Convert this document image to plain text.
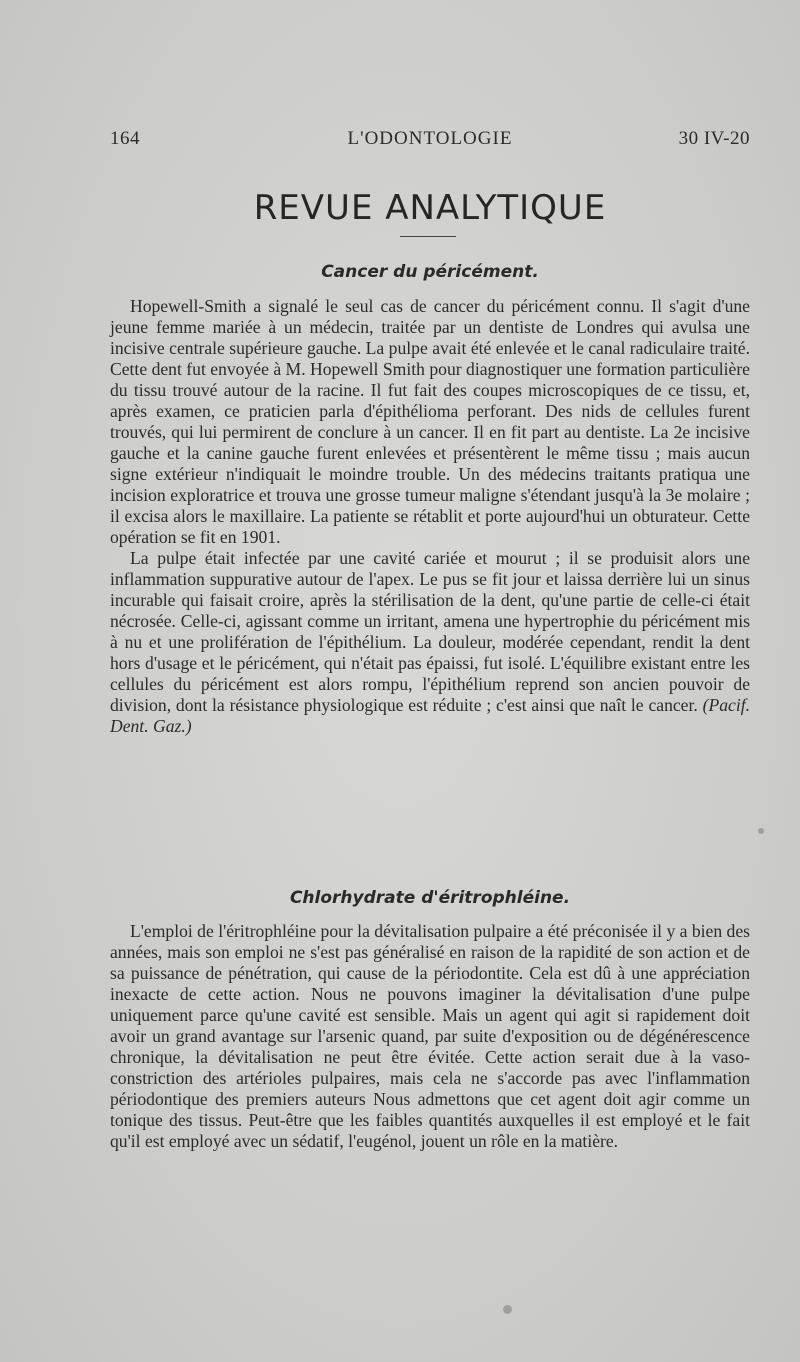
164	L'ODONTOLOGIE	30 IV-20
REVUE ANALYTIQUE
Cancer du péricément.

Hopewell-Smith a signalé le seul cas de cancer du péricément connu. Il s'agit d'une jeune femme mariée à un médecin, traitée par un dentiste de Londres qui avulsa une incisive centrale supérieure gauche. La pulpe avait été enlevée et le canal radiculaire traité. Cette dent fut envoyée à M. Hopewell Smith pour diagnostiquer une formation particulière du tissu trouvé autour de la racine. Il fut fait des coupes microscopiques de ce tissu, et, après examen, ce praticien parla d'épithélioma perforant. Des nids de cellules furent trouvés, qui lui permirent de conclure à un cancer. Il en fit part au dentiste. La 2e incisive gauche et la canine gauche furent enlevées et présentèrent le même tissu ; mais aucun signe extérieur n'indiquait le moindre trouble. Un des médecins traitants pratiqua une incision exploratrice et trouva une grosse tumeur maligne s'étendant jusqu'à la 3e molaire ; il excisa alors le maxillaire. La patiente se rétablit et porte aujourd'hui un obturateur. Cette opération se fit en 1901.

La pulpe était infectée par une cavité cariée et mourut ; il se produisit alors une inflammation suppurative autour de l'apex. Le pus se fit jour et laissa derrière lui un sinus incurable qui faisait croire, après la stérilisation de la dent, qu'une partie de celle-ci était nécrosée. Celle-ci, agissant comme un irritant, amena une hypertrophie du péricément mis à nu et une prolifération de l'épithélium. La douleur, modérée cependant, rendit la dent hors d'usage et le péricément, qui n'était pas épaissi, fut isolé. L'équilibre existant entre les cellules du péricément est alors rompu, l'épithélium reprend son ancien pouvoir de division, dont la résistance physiologique est réduite ; c'est ainsi que naît le cancer. (Pacif. Dent. Gaz.)

Chlorhydrate d'éritrophléine.

L'emploi de l'éritrophléine pour la dévitalisation pulpaire a été préconisée il y a bien des années, mais son emploi ne s'est pas généralisé en raison de la rapidité de son action et de sa puissance de pénétration, qui cause de la périodontite. Cela est dû à une appréciation inexacte de cette action. Nous ne pouvons imaginer la dévitalisation d'une pulpe uniquement parce qu'une cavité est sensible. Mais un agent qui agit si rapidement doit avoir un grand avantage sur l'arsenic quand, par suite d'exposition ou de dégénérescence chronique, la dévitalisation ne peut être évitée. Cette action serait due à la vaso-constriction des artérioles pulpaires, mais cela ne s'accorde pas avec l'inflammation périodontique des premiers auteurs Nous admettons que cet agent doit agir comme un tonique des tissus. Peut-être que les faibles quantités auxquelles il est employé et le fait qu'il est employé avec un sédatif, l'eugénol, jouent un rôle en la matière.
